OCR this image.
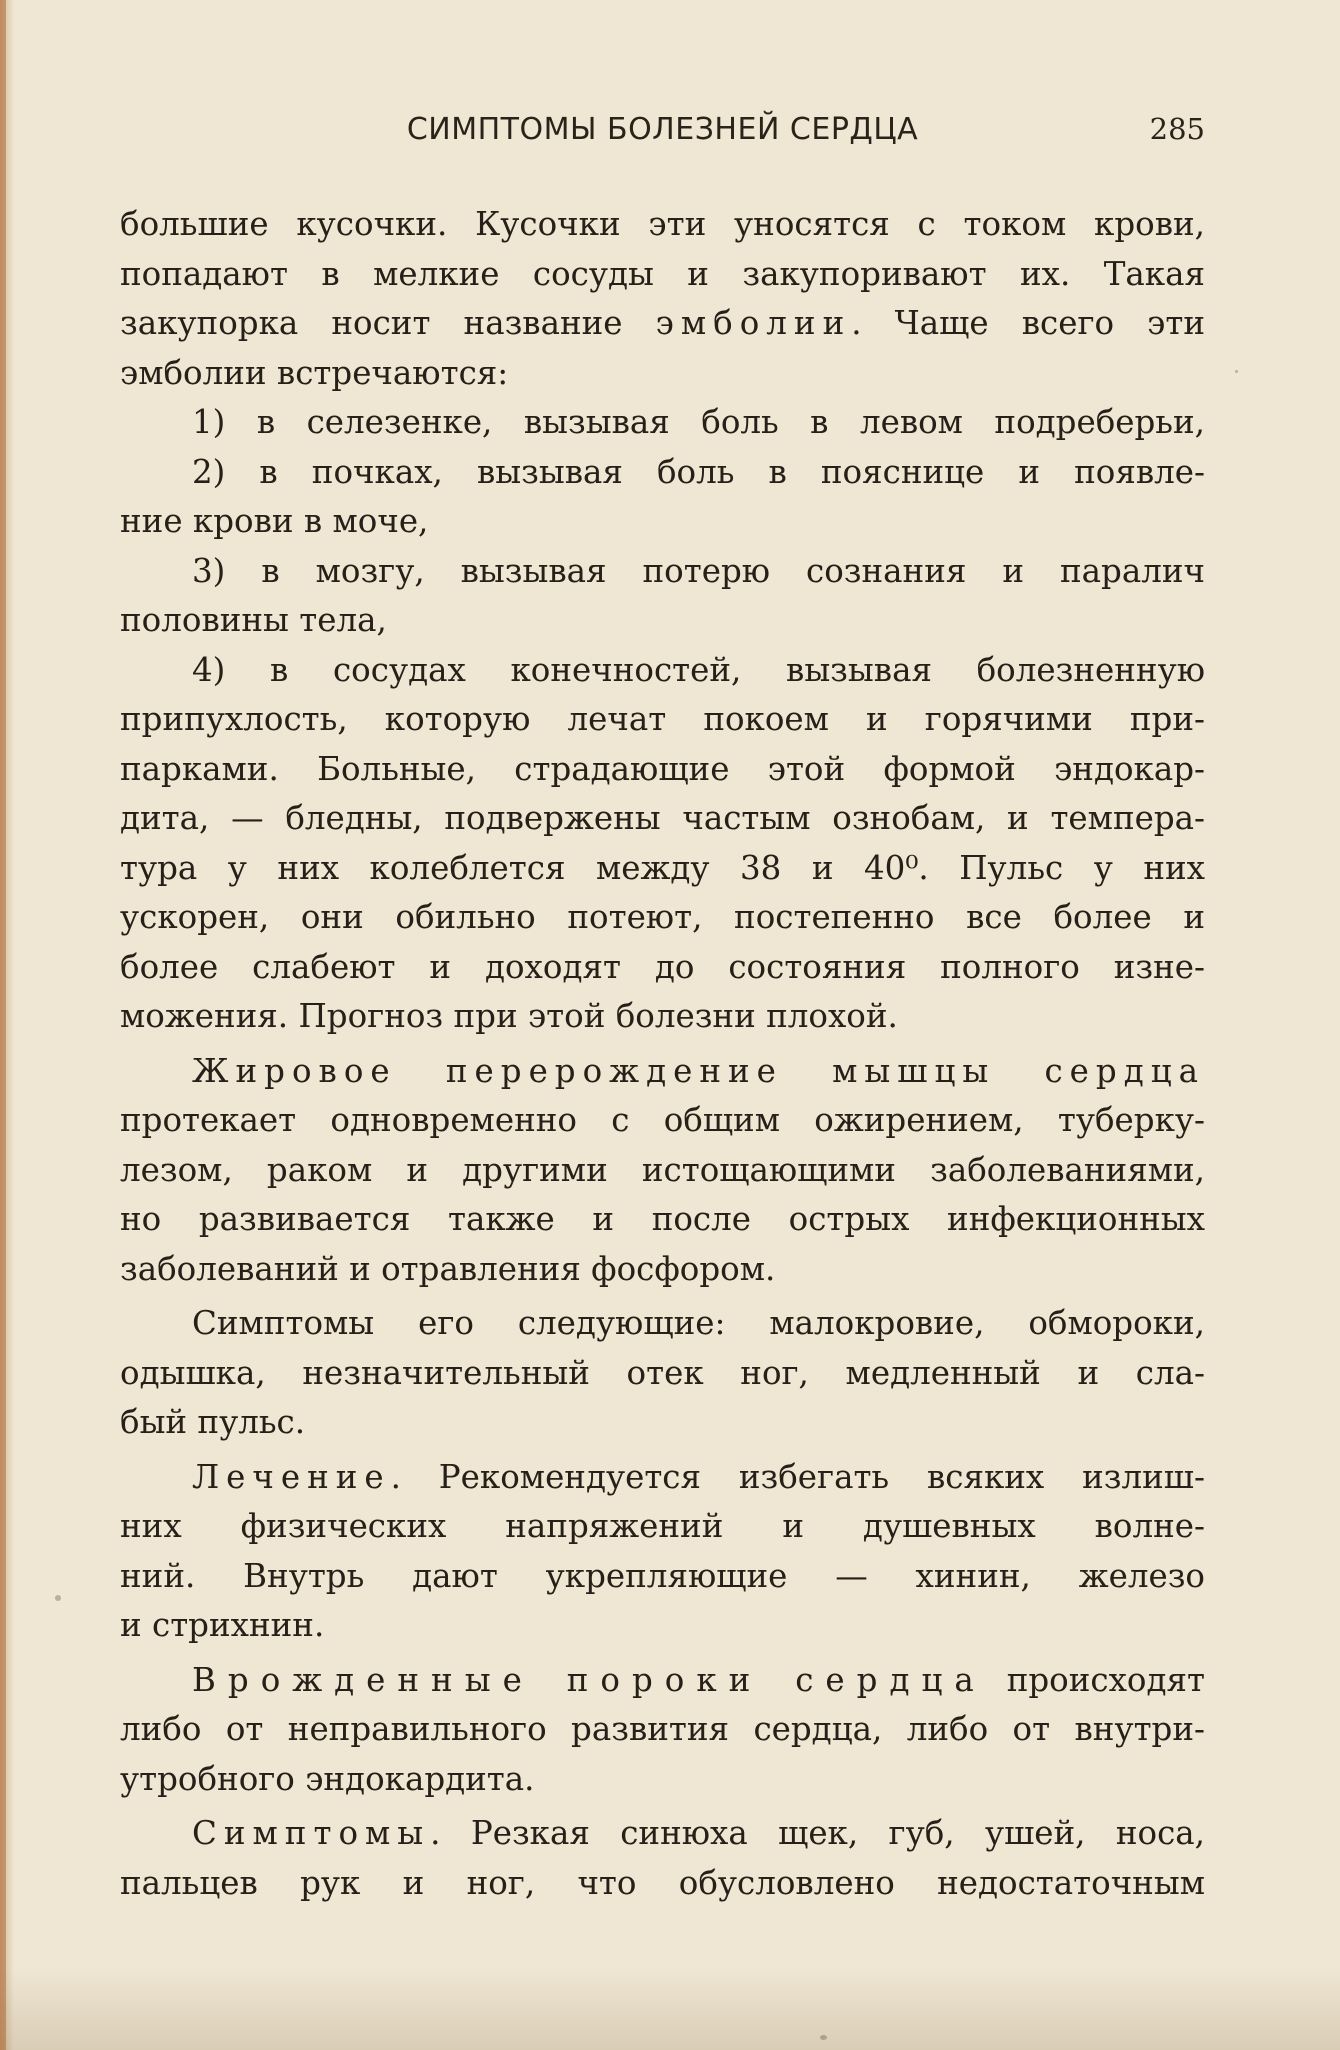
СИМПТОМЫ БОЛЕЗНЕЙ СЕРДЦА	285
большие кусочки. Кусочки эти уносятся с током крови,
попадают в мелкие сосуды и закупоривают их. Такая
закупорка носит название эмболии. Чаще всего эти
эмболии встречаются:
1) в селезенке, вызывая боль в левом подреберьи,
2) в почках, вызывая боль в пояснице и появле-
ние крови в моче,
3) в мозгу, вызывая потерю сознания и паралич
половины тела,
4) в сосудах конечностей, вызывая болезненную
припухлость, которую лечат покоем и горячими при-
парками. Больные, страдающие этой формой эндокар-
дита, — бледны, подвержены частым ознобам, и темпера-
тура у них колеблется между 38 и 40⁰. Пульс у них
ускорен, они обильно потеют, постепенно все более и
более слабеют и доходят до состояния полного изне-
можения. Прогноз при этой болезни плохой.
Жировое перерождение мышцы сердца
протекает одновременно с общим ожирением, туберку-
лезом, раком и другими истощающими заболеваниями,
но развивается также и после острых инфекционных
заболеваний и отравления фосфором.
Симптомы его следующие: малокровие, обмороки,
одышка, незначительный отек ног, медленный и сла-
бый пульс.
Лечение. Рекомендуется избегать всяких излиш-
них физических напряжений и душевных волне-
ний. Внутрь дают укрепляющие — хинин, железо
и стрихнин.
Врожденные пороки сердца происходят
либо от неправильного развития сердца, либо от внутри-
утробного эндокардита.
Симптомы. Резкая синюха щек, губ, ушей, носа,
пальцев рук и ног, что обусловлено недостаточным
